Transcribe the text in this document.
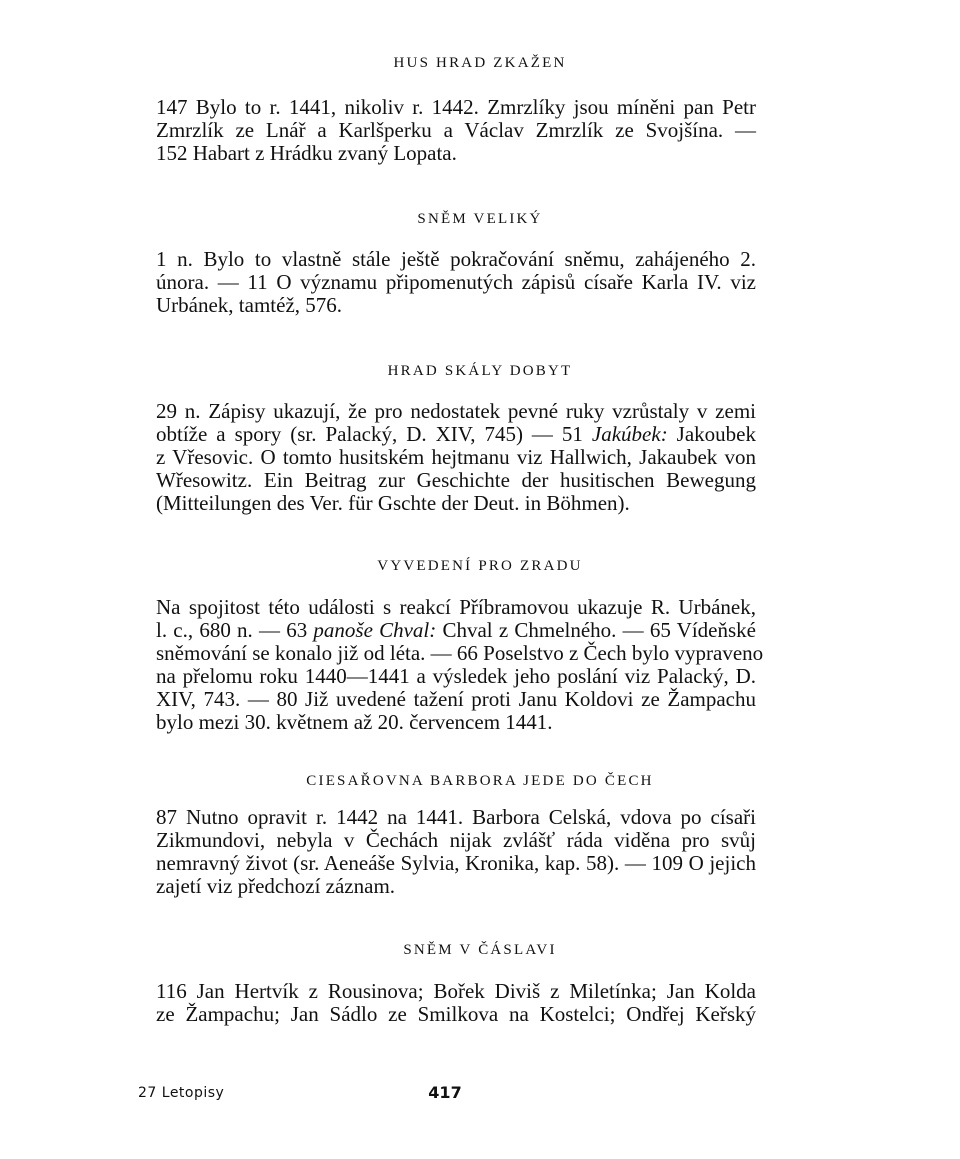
HUS HRAD ZKAŽEN
147 Bylo to r. 1441, nikoliv r. 1442. Zmrzlíky jsou míněni pan Petr
Zmrzlík ze Lnář a Karlšperku a Václav Zmrzlík ze Svojšína. —
152 Habart z Hrádku zvaný Lopata.
SNĚM VELIKÝ
1 n. Bylo to vlastně stále ještě pokračování sněmu, zahájeného 2.
února. — 11 O významu připomenutých zápisů císaře Karla IV. viz
Urbánek, tamtéž, 576.
HRAD SKÁLY DOBYT
29 n. Zápisy ukazují, že pro nedostatek pevné ruky vzrůstaly v zemi
obtíže a spory (sr. Palacký, D. XIV, 745) — 51 Jakúbek: Jakoubek
z Vřesovic. O tomto husitském hejtmanu viz Hallwich, Jakaubek von
Wřesowitz. Ein Beitrag zur Geschichte der husitischen Bewegung
(Mitteilungen des Ver. für Gschte der Deut. in Böhmen).
VYVEDENÍ PRO ZRADU
Na spojitost této události s reakcí Příbramovou ukazuje R. Urbánek,
l. c., 680 n. — 63 panoše Chval: Chval z Chmelného. — 65 Vídeňské
sněmování se konalo již od léta. — 66 Poselstvo z Čech bylo vypraveno
na přelomu roku 1440—1441 a výsledek jeho poslání viz Palacký, D.
XIV, 743. — 80 Již uvedené tažení proti Janu Koldovi ze Žampachu
bylo mezi 30. květnem až 20. červencem 1441.
CIESAŘOVNA BARBORA JEDE DO ČECH
87 Nutno opravit r. 1442 na 1441. Barbora Celská, vdova po císaři
Zikmundovi, nebyla v Čechách nijak zvlášť ráda viděna pro svůj
nemravný život (sr. Aeneáše Sylvia, Kronika, kap. 58). — 109 O jejich
zajetí viz předchozí záznam.
SNĚM V ČÁSLAVI
116 Jan Hertvík z Rousinova; Bořek Diviš z Miletínka; Jan Kolda
ze Žampachu; Jan Sádlo ze Smilkova na Kostelci; Ondřej Keřský
27 Letopisy	417
